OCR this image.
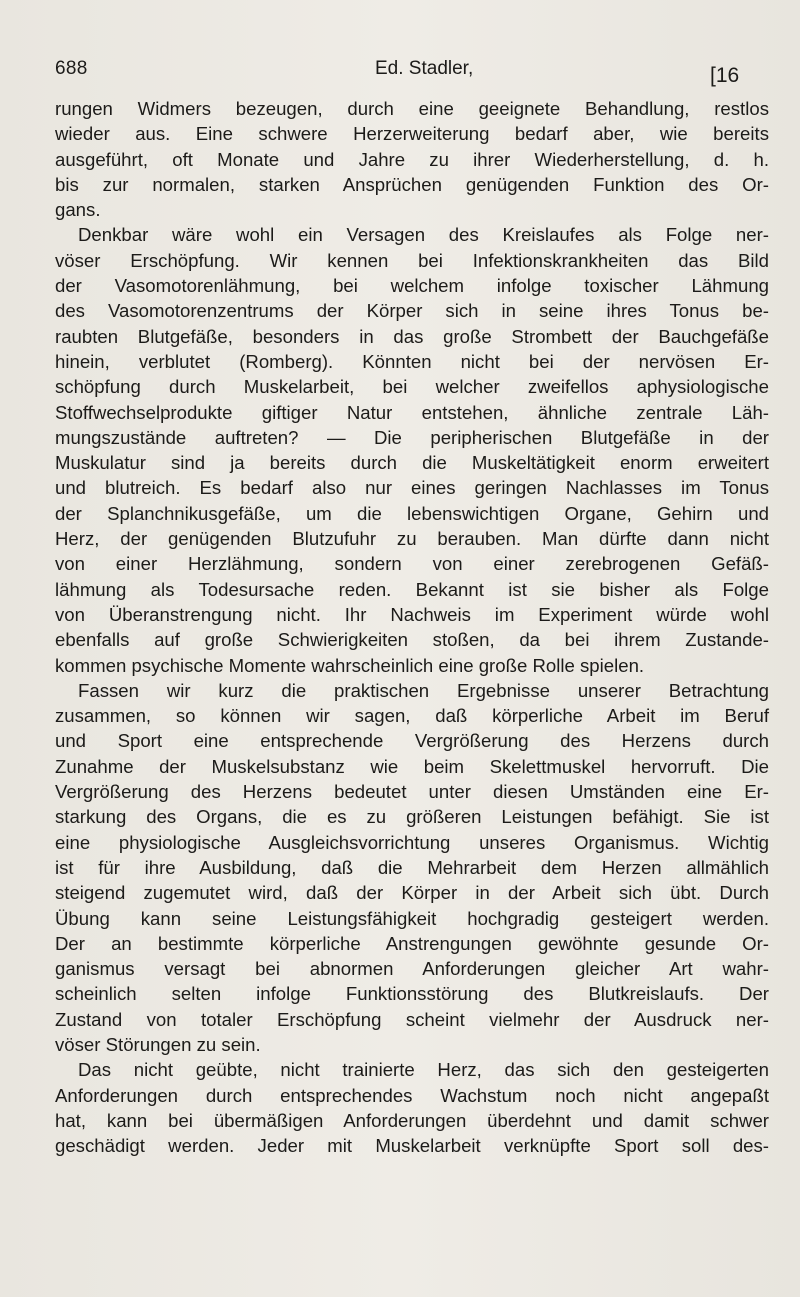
688	Ed. Stadler,	[16
rungen Widmers bezeugen, durch eine geeignete Behandlung, restlos
wieder aus. Eine schwere Herzerweiterung bedarf aber, wie bereits
ausgeführt, oft Monate und Jahre zu ihrer Wiederherstellung, d. h.
bis zur normalen, starken Ansprüchen genügenden Funktion des Or-
gans.
Denkbar wäre wohl ein Versagen des Kreislaufes als Folge ner-
vöser Erschöpfung. Wir kennen bei Infektionskrankheiten das Bild
der Vasomotorenlähmung, bei welchem infolge toxischer Lähmung
des Vasomotorenzentrums der Körper sich in seine ihres Tonus be-
raubten Blutgefäße, besonders in das große Strombett der Bauchgefäße
hinein, verblutet (Romberg). Könnten nicht bei der nervösen Er-
schöpfung durch Muskelarbeit, bei welcher zweifellos aphysiologische
Stoffwechselprodukte giftiger Natur entstehen, ähnliche zentrale Läh-
mungszustände auftreten? — Die peripherischen Blutgefäße in der
Muskulatur sind ja bereits durch die Muskeltätigkeit enorm erweitert
und blutreich. Es bedarf also nur eines geringen Nachlasses im Tonus
der Splanchnikusgefäße, um die lebenswichtigen Organe, Gehirn und
Herz, der genügenden Blutzufuhr zu berauben. Man dürfte dann nicht
von einer Herzlähmung, sondern von einer zerebrogenen Gefäß-
lähmung als Todesursache reden. Bekannt ist sie bisher als Folge
von Überanstrengung nicht. Ihr Nachweis im Experiment würde wohl
ebenfalls auf große Schwierigkeiten stoßen, da bei ihrem Zustande-
kommen psychische Momente wahrscheinlich eine große Rolle spielen.
Fassen wir kurz die praktischen Ergebnisse unserer Betrachtung
zusammen, so können wir sagen, daß körperliche Arbeit im Beruf
und Sport eine entsprechende Vergrößerung des Herzens durch
Zunahme der Muskelsubstanz wie beim Skelettmuskel hervorruft. Die
Vergrößerung des Herzens bedeutet unter diesen Umständen eine Er-
starkung des Organs, die es zu größeren Leistungen befähigt. Sie ist
eine physiologische Ausgleichsvorrichtung unseres Organismus. Wichtig
ist für ihre Ausbildung, daß die Mehrarbeit dem Herzen allmählich
steigend zugemutet wird, daß der Körper in der Arbeit sich übt. Durch
Übung kann seine Leistungsfähigkeit hochgradig gesteigert werden.
Der an bestimmte körperliche Anstrengungen gewöhnte gesunde Or-
ganismus versagt bei abnormen Anforderungen gleicher Art wahr-
scheinlich selten infolge Funktionsstörung des Blutkreislaufs. Der
Zustand von totaler Erschöpfung scheint vielmehr der Ausdruck ner-
vöser Störungen zu sein.
Das nicht geübte, nicht trainierte Herz, das sich den gesteigerten
Anforderungen durch entsprechendes Wachstum noch nicht angepaßt
hat, kann bei übermäßigen Anforderungen überdehnt und damit schwer
geschädigt werden. Jeder mit Muskelarbeit verknüpfte Sport soll des-
